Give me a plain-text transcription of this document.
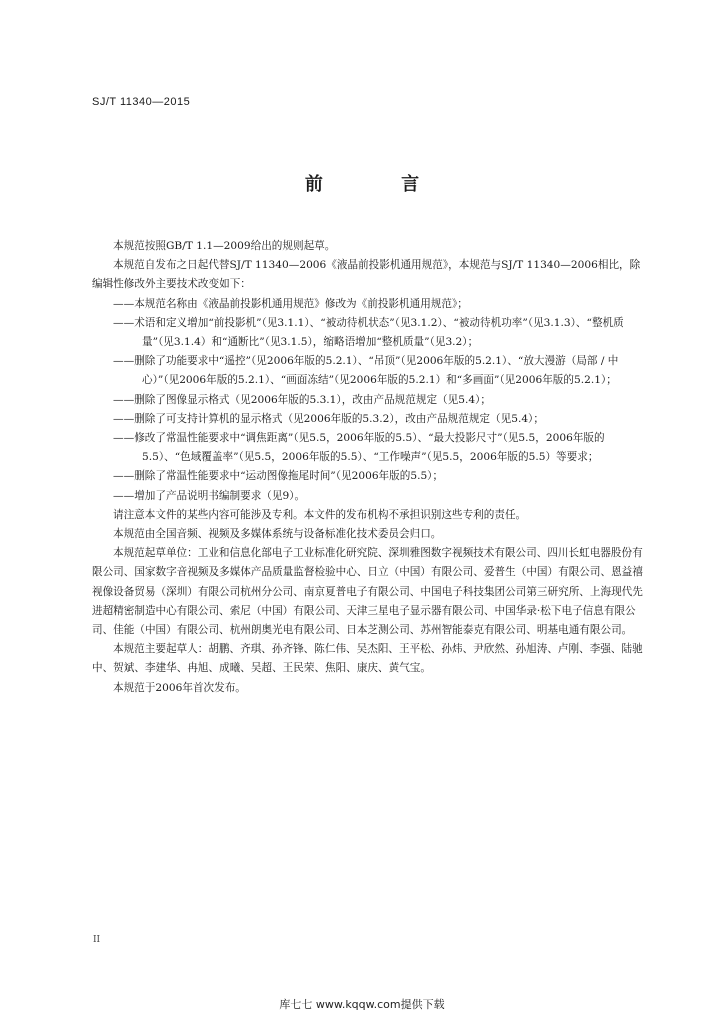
SJ/T 11340—2015
前 言

本规范按照GB/T 1.1—2009给出的规则起草。

本规范自发布之日起代替SJ/T 11340—2006《液晶前投影机通用规范》，本规范与SJ/T 11340—2006相比，除编辑性修改外主要技术改变如下：

——本规范名称由《液晶前投影机通用规范》修改为《前投影机通用规范》；

——术语和定义增加“前投影机”（见3.1.1）、“被动待机状态”（见3.1.2）、“被动待机功率”（见3.1.3）、“整机质量”（见3.1.4）和“通断比”（见3.1.5），缩略语增加“整机质量”（见3.2）；

——删除了功能要求中“遥控”（见2006年版的5.2.1）、“吊顶”（见2006年版的5.2.1）、“放大漫游（局部 / 中心）”（见2006年版的5.2.1）、“画面冻结”（见2006年版的5.2.1）和“多画面”（见2006年版的5.2.1）；

——删除了图像显示格式（见2006年版的5.3.1），改由产品规范规定（见5.4）；

——删除了可支持计算机的显示格式（见2006年版的5.3.2），改由产品规范规定（见5.4）；

——修改了常温性能要求中“调焦距离”（见5.5，2006年版的5.5）、“最大投影尺寸”（见5.5，2006年版的5.5）、“色域覆盖率”（见5.5，2006年版的5.5）、“工作噪声”（见5.5，2006年版的5.5）等要求；

——删除了常温性能要求中“运动图像拖尾时间”（见2006年版的5.5）；

——增加了产品说明书编制要求（见9）。

请注意本文件的某些内容可能涉及专利。本文件的发布机构不承担识别这些专利的责任。

本规范由全国音频、视频及多媒体系统与设备标准化技术委员会归口。

本规范起草单位：工业和信息化部电子工业标准化研究院、深圳雅图数字视频技术有限公司、四川长虹电器股份有限公司、国家数字音视频及多媒体产品质量监督检验中心、日立（中国）有限公司、爱普生（中国）有限公司、恩益禧视像设备贸易（深圳）有限公司杭州分公司、南京夏普电子有限公司、中国电子科技集团公司第三研究所、上海现代先进超精密制造中心有限公司、索尼（中国）有限公司、天津三星电子显示器有限公司、中国华录·松下电子信息有限公司、佳能（中国）有限公司、杭州朗奥光电有限公司、日本芝测公司、苏州智能泰克有限公司、明基电通有限公司。

本规范主要起草人：胡鹏、齐琪、孙齐锋、陈仁伟、吴杰阳、王平松、孙炜、尹欣然、孙旭涛、卢刚、李强、陆驰中、贺斌、李建华、冉旭、成曦、吴超、王民荣、焦阳、康庆、黄气宝。

本规范于2006年首次发布。

II
库七七 www.kqqw.com提供下载
